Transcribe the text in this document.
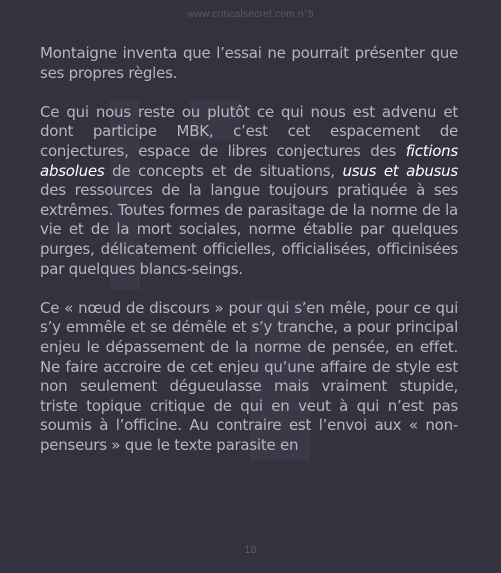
www.criticalsecret.com n°5

Montaigne inventa que l’essai ne pourrait présenter que ses propres règles.

Ce qui nous reste ou plutôt ce qui nous est advenu et dont participe MBK, c’est cet espacement de conjectures, espace de libres conjectures des fictions absolues de concepts et de situations, usus et abusus des ressources de la langue toujours pratiquée à ses extrêmes. Toutes formes de parasitage de la norme de la vie et de la mort sociales, norme établie par quelques purges, délicatement officielles, officialisées, officinisées par quelques blancs-seings.

Ce « nœud de discours » pour qui s’en mêle, pour ce qui s’y emmêle et se démêle et s’y tranche, a pour principal enjeu le dépassement de la norme de pensée, en effet. Ne faire accroire de cet enjeu qu’une affaire de style est non seulement dégueulasse mais vraiment stupide, triste topique critique de qui en veut à qui n’est pas soumis à l’officine. Au contraire est l’envoi aux « non-penseurs » que le texte parasite en

18
